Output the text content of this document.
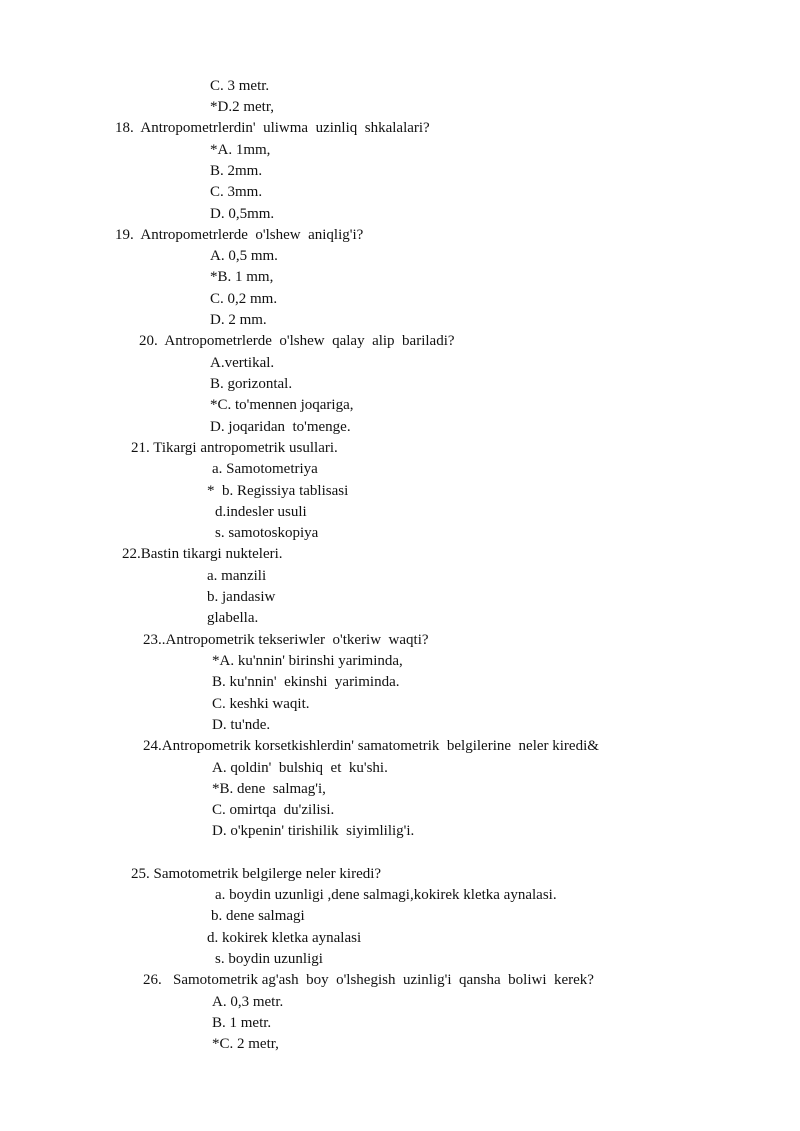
C. 3 metr.
*D.2 metr,
18.  Antropometrlerdin'  uliwma  uzinliq  shkalalari?
*A. 1mm,
B. 2mm.
C. 3mm.
D. 0,5mm.
19.  Antropometrlerde  o'lshew  aniqlig'i?
A. 0,5 mm.
*B. 1 mm,
C. 0,2 mm.
D. 2 mm.
20.  Antropometrlerde  o'lshew  qalay  alip  bariladi?
A.vertikal.
B. gorizontal.
*C. to'mennen joqariga,
D. joqaridan  to'menge.
21. Tikargi antropometrik usullari.
a. Samotometriya
*  b. Regissiya tablisasi
d.indesler usuli
s. samotoskopiya
22.Bastin tikargi nukteleri.
a. manzili
b. jandasiw
glabella.
23..Antropometrik tekseriwler  o'tkeriw  waqti?
*A. ku'nnin' birinshi yariminda,
B. ku'nnin'  ekinshi  yariminda.
C. keshki waqit.
D. tu'nde.
24.Antropometrik korsetkishlerdin' samatometrik  belgilerine  neler kiredi&
A. qoldin'  bulshiq  et  ku'shi.
*B. dene  salmag'i,
C. omirtqa  du'zilisi.
D. o'kpenin' tirishilik  siyimlilig'i.
25. Samotometrik belgilerge neler kiredi?
a. boydin uzunligi ,dene salmagi,kokirek kletka aynalasi.
b. dene salmagi
d. kokirek kletka aynalasi
s. boydin uzunligi
26.   Samotometrik ag'ash  boy  o'lshegish  uzinlig'i  qansha  boliwi  kerek?
A. 0,3 metr.
B. 1 metr.
*C. 2 metr,
